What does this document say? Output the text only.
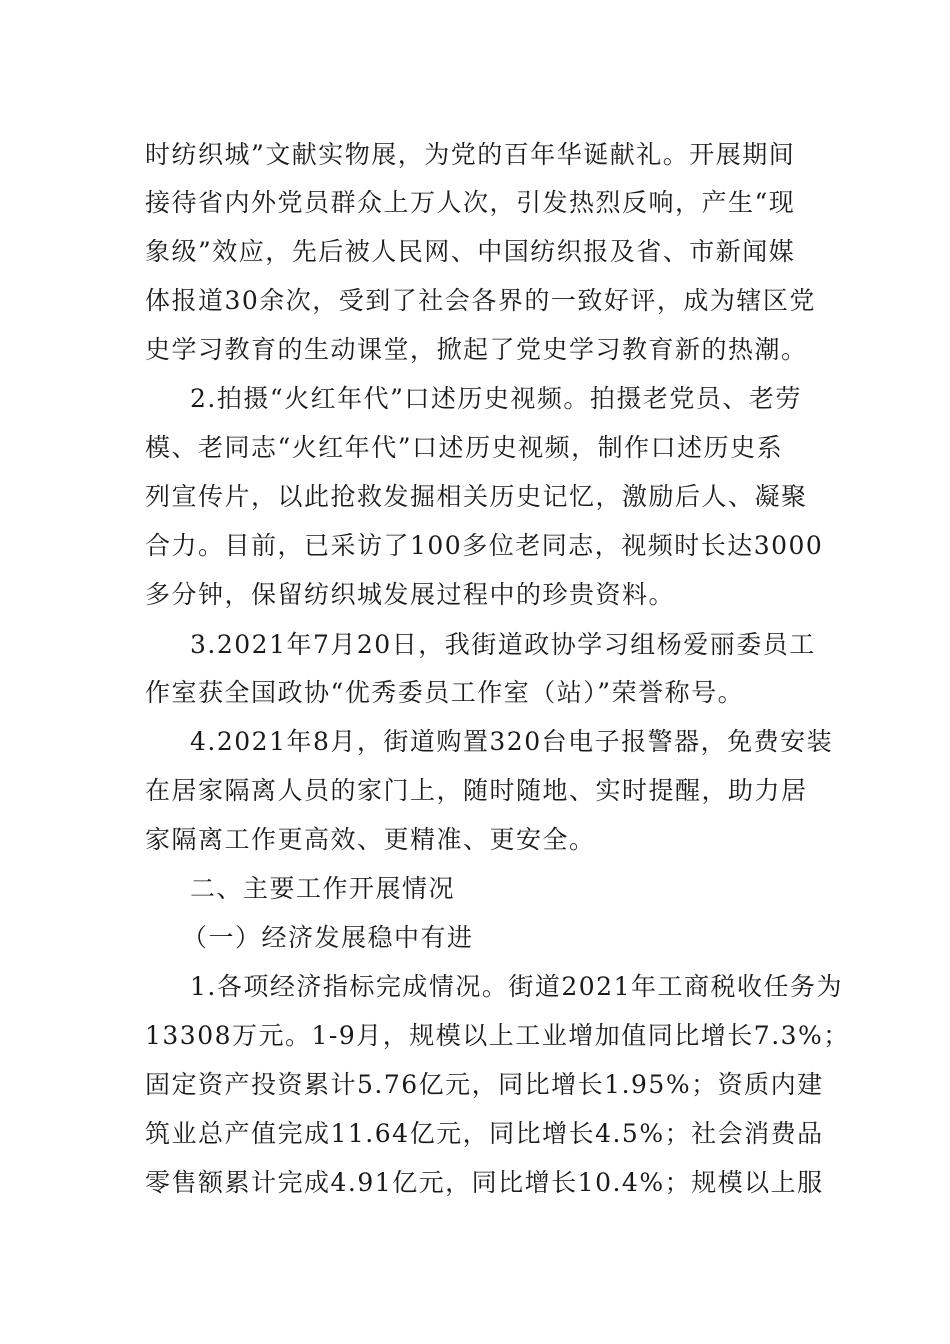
时纺织城”文献实物展，为党的百年华诞献礼。开展期间
接待省内外党员群众上万人次，引发热烈反响，产生“现
象级”效应，先后被人民网、中国纺织报及省、市新闻媒
体报道30余次，受到了社会各界的一致好评，成为辖区党
史学习教育的生动课堂，掀起了党史学习教育新的热潮。
2.拍摄“火红年代”口述历史视频。拍摄老党员、老劳
模、老同志“火红年代”口述历史视频，制作口述历史系
列宣传片，以此抢救发掘相关历史记忆，激励后人、凝聚
合力。目前，已采访了100多位老同志，视频时长达3000
多分钟，保留纺织城发展过程中的珍贵资料。
3.2021年7月20日，我街道政协学习组杨爱丽委员工
作室获全国政协“优秀委员工作室（站）”荣誉称号。
4.2021年8月，街道购置320台电子报警器，免费安装
在居家隔离人员的家门上，随时随地、实时提醒，助力居
家隔离工作更高效、更精准、更安全。
二、主要工作开展情况
（一）经济发展稳中有进
1.各项经济指标完成情况。街道2021年工商税收任务为
13308万元。1-9月，规模以上工业增加值同比增长7.3%；
固定资产投资累计5.76亿元，同比增长1.95%；资质内建
筑业总产值完成11.64亿元，同比增长4.5%；社会消费品
零售额累计完成4.91亿元，同比增长10.4%；规模以上服
